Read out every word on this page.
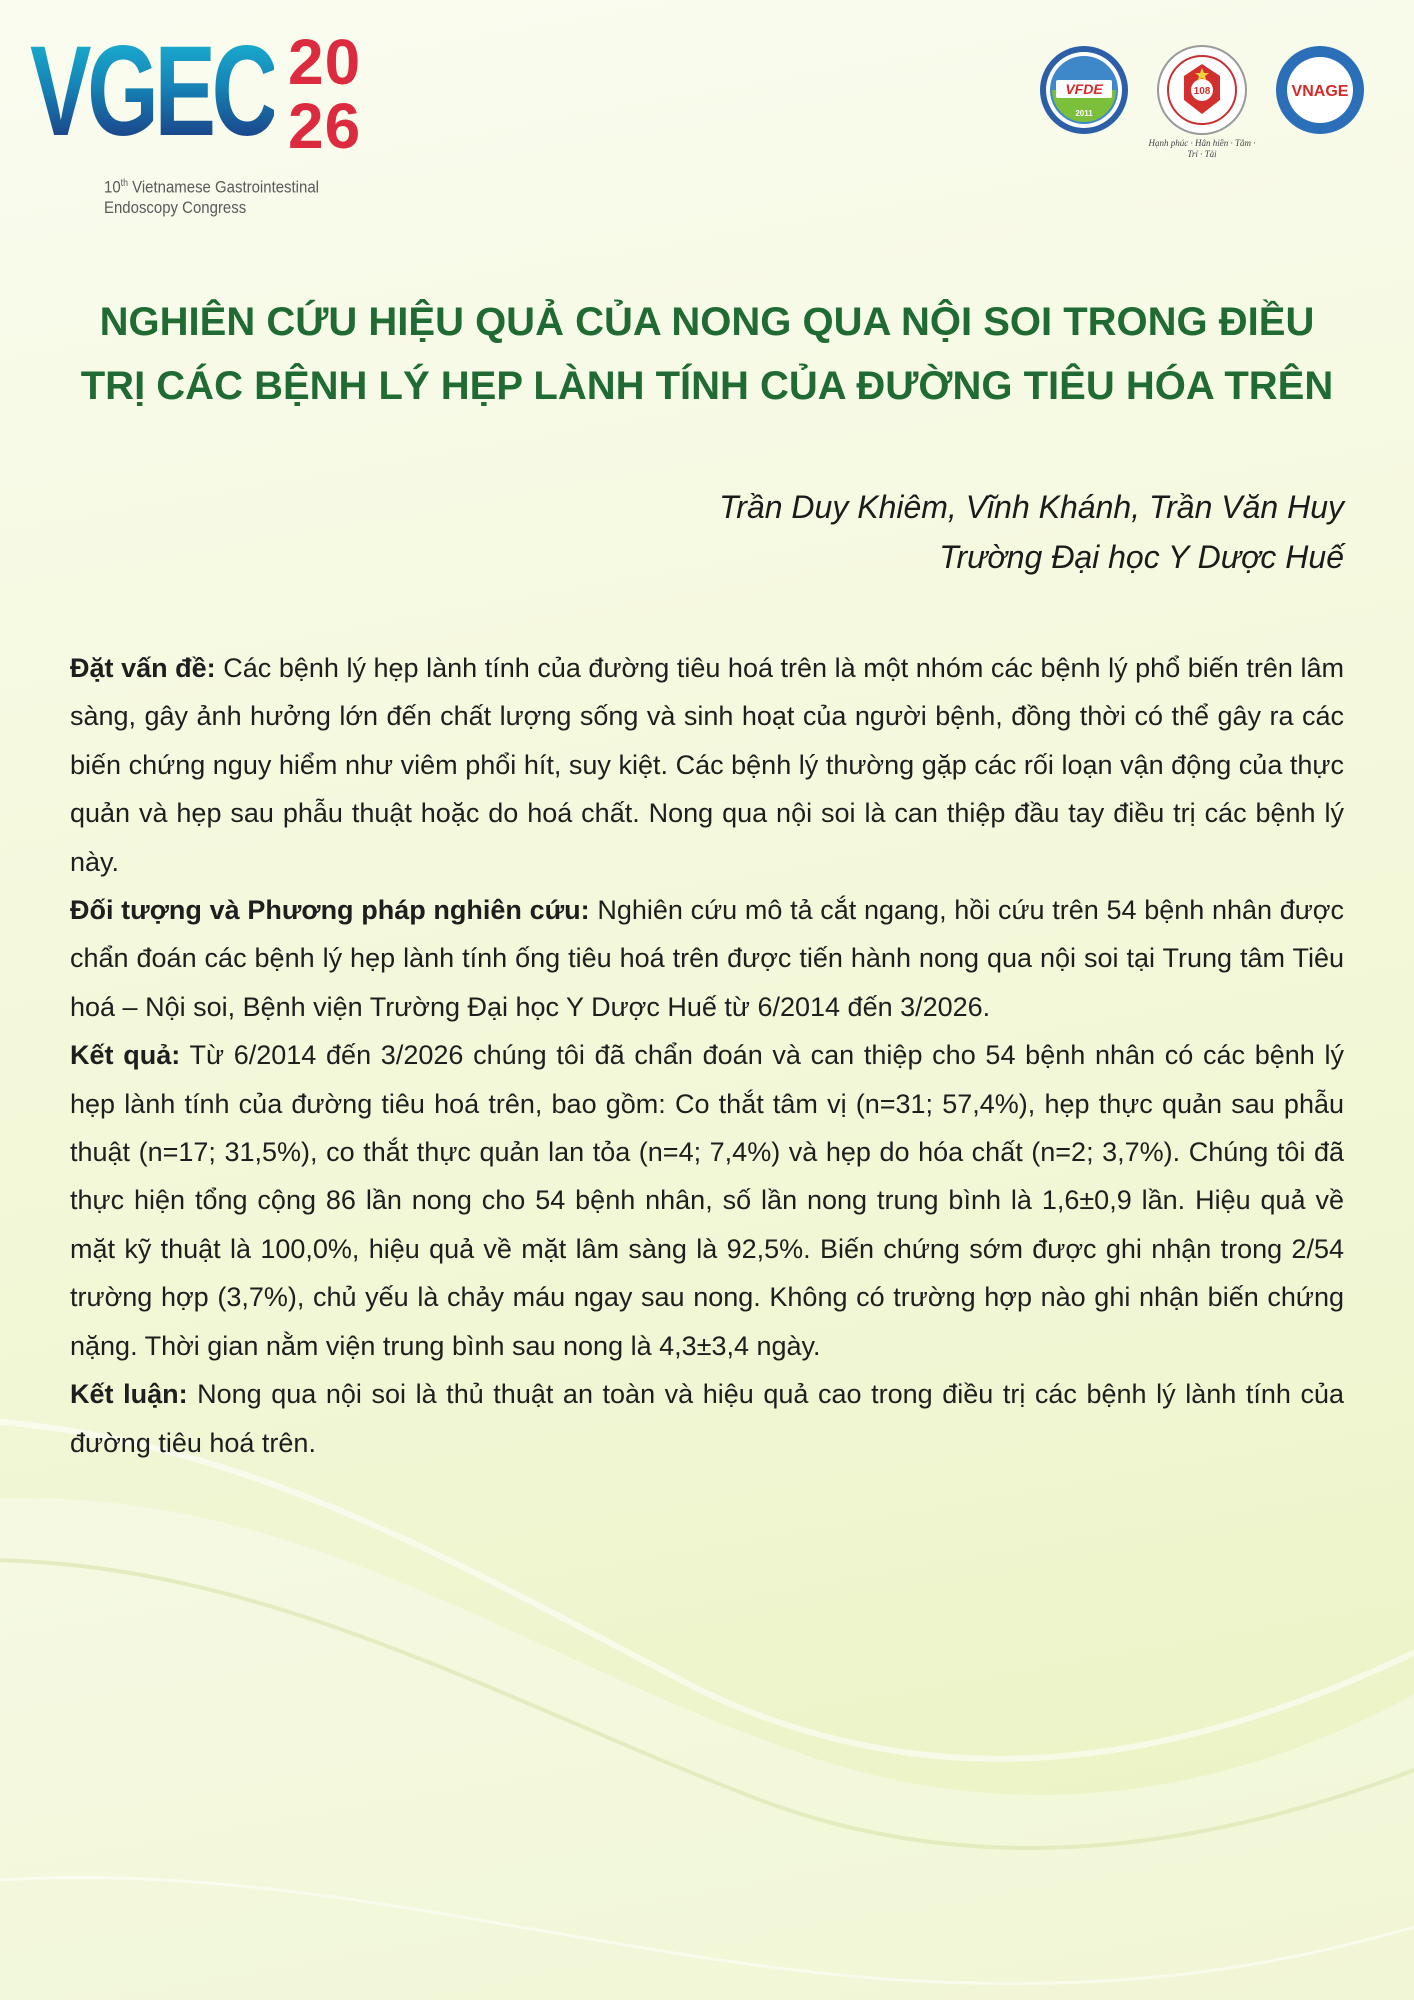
VGEC 2026
10th Vietnamese Gastrointestinal
Endoscopy Congress
VFDE
2011
108
Hạnh phúc · Hân hiền · Tâm · Trí · Tài
VNAGE
NGHIÊN CỨU HIỆU QUẢ CỦA NONG QUA NỘI SOI TRONG ĐIỀU
TRỊ CÁC BỆNH LÝ HẸP LÀNH TÍNH CỦA ĐƯỜNG TIÊU HÓA TRÊN
Trần Duy Khiêm, Vĩnh Khánh, Trần Văn Huy
Trường Đại học Y Dược Huế

Đặt vấn đề: Các bệnh lý hẹp lành tính của đường tiêu hoá trên là một nhóm các bệnh lý phổ biến trên lâm sàng, gây ảnh hưởng lớn đến chất lượng sống và sinh hoạt của người bệnh, đồng thời có thể gây ra các biến chứng nguy hiểm như viêm phổi hít, suy kiệt. Các bệnh lý thường gặp các rối loạn vận động của thực quản và hẹp sau phẫu thuật hoặc do hoá chất. Nong qua nội soi là can thiệp đầu tay điều trị các bệnh lý này.

Đối tượng và Phương pháp nghiên cứu: Nghiên cứu mô tả cắt ngang, hồi cứu trên 54 bệnh nhân được chẩn đoán các bệnh lý hẹp lành tính ống tiêu hoá trên được tiến hành nong qua nội soi tại Trung tâm Tiêu hoá – Nội soi, Bệnh viện Trường Đại học Y Dược Huế từ 6/2014 đến 3/2026.

Kết quả: Từ 6/2014 đến 3/2026 chúng tôi đã chẩn đoán và can thiệp cho 54 bệnh nhân có các bệnh lý hẹp lành tính của đường tiêu hoá trên, bao gồm: Co thắt tâm vị (n=31; 57,4%), hẹp thực quản sau phẫu thuật (n=17; 31,5%), co thắt thực quản lan tỏa (n=4; 7,4%) và hẹp do hóa chất (n=2; 3,7%). Chúng tôi đã thực hiện tổng cộng 86 lần nong cho 54 bệnh nhân, số lần nong trung bình là 1,6±0,9 lần. Hiệu quả về mặt kỹ thuật là 100,0%, hiệu quả về mặt lâm sàng là 92,5%. Biến chứng sớm được ghi nhận trong 2/54 trường hợp (3,7%), chủ yếu là chảy máu ngay sau nong. Không có trường hợp nào ghi nhận biến chứng nặng. Thời gian nằm viện trung bình sau nong là 4,3±3,4 ngày.

Kết luận: Nong qua nội soi là thủ thuật an toàn và hiệu quả cao trong điều trị các bệnh lý lành tính của đường tiêu hoá trên.
